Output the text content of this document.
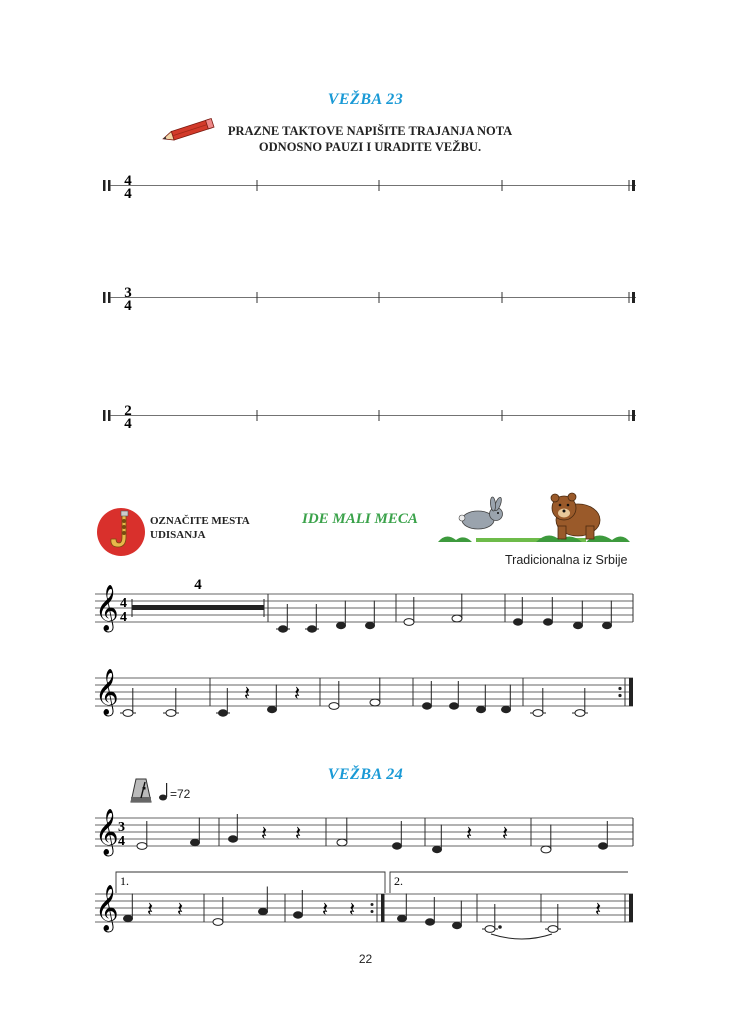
VEŽBA 23
PRAZNE TAKTOVE NAPIŠITE TRAJANJA NOTA
ODNOSNO PAUZI I URADITE VEŽBU.
4
4
3
4
2
4
OZNAČITE MESTA
UDISANJA
IDE MALI MECA
Tradicionalna iz Srbije
𝄞 4
4
4
𝄞	𝄽 𝄽
𝄞 3
4	𝄽 𝄽	𝄽 𝄽
1.	2.
𝄞 𝄽 𝄽	𝄽 𝄽	𝄽
VEŽBA 24
=72
22
